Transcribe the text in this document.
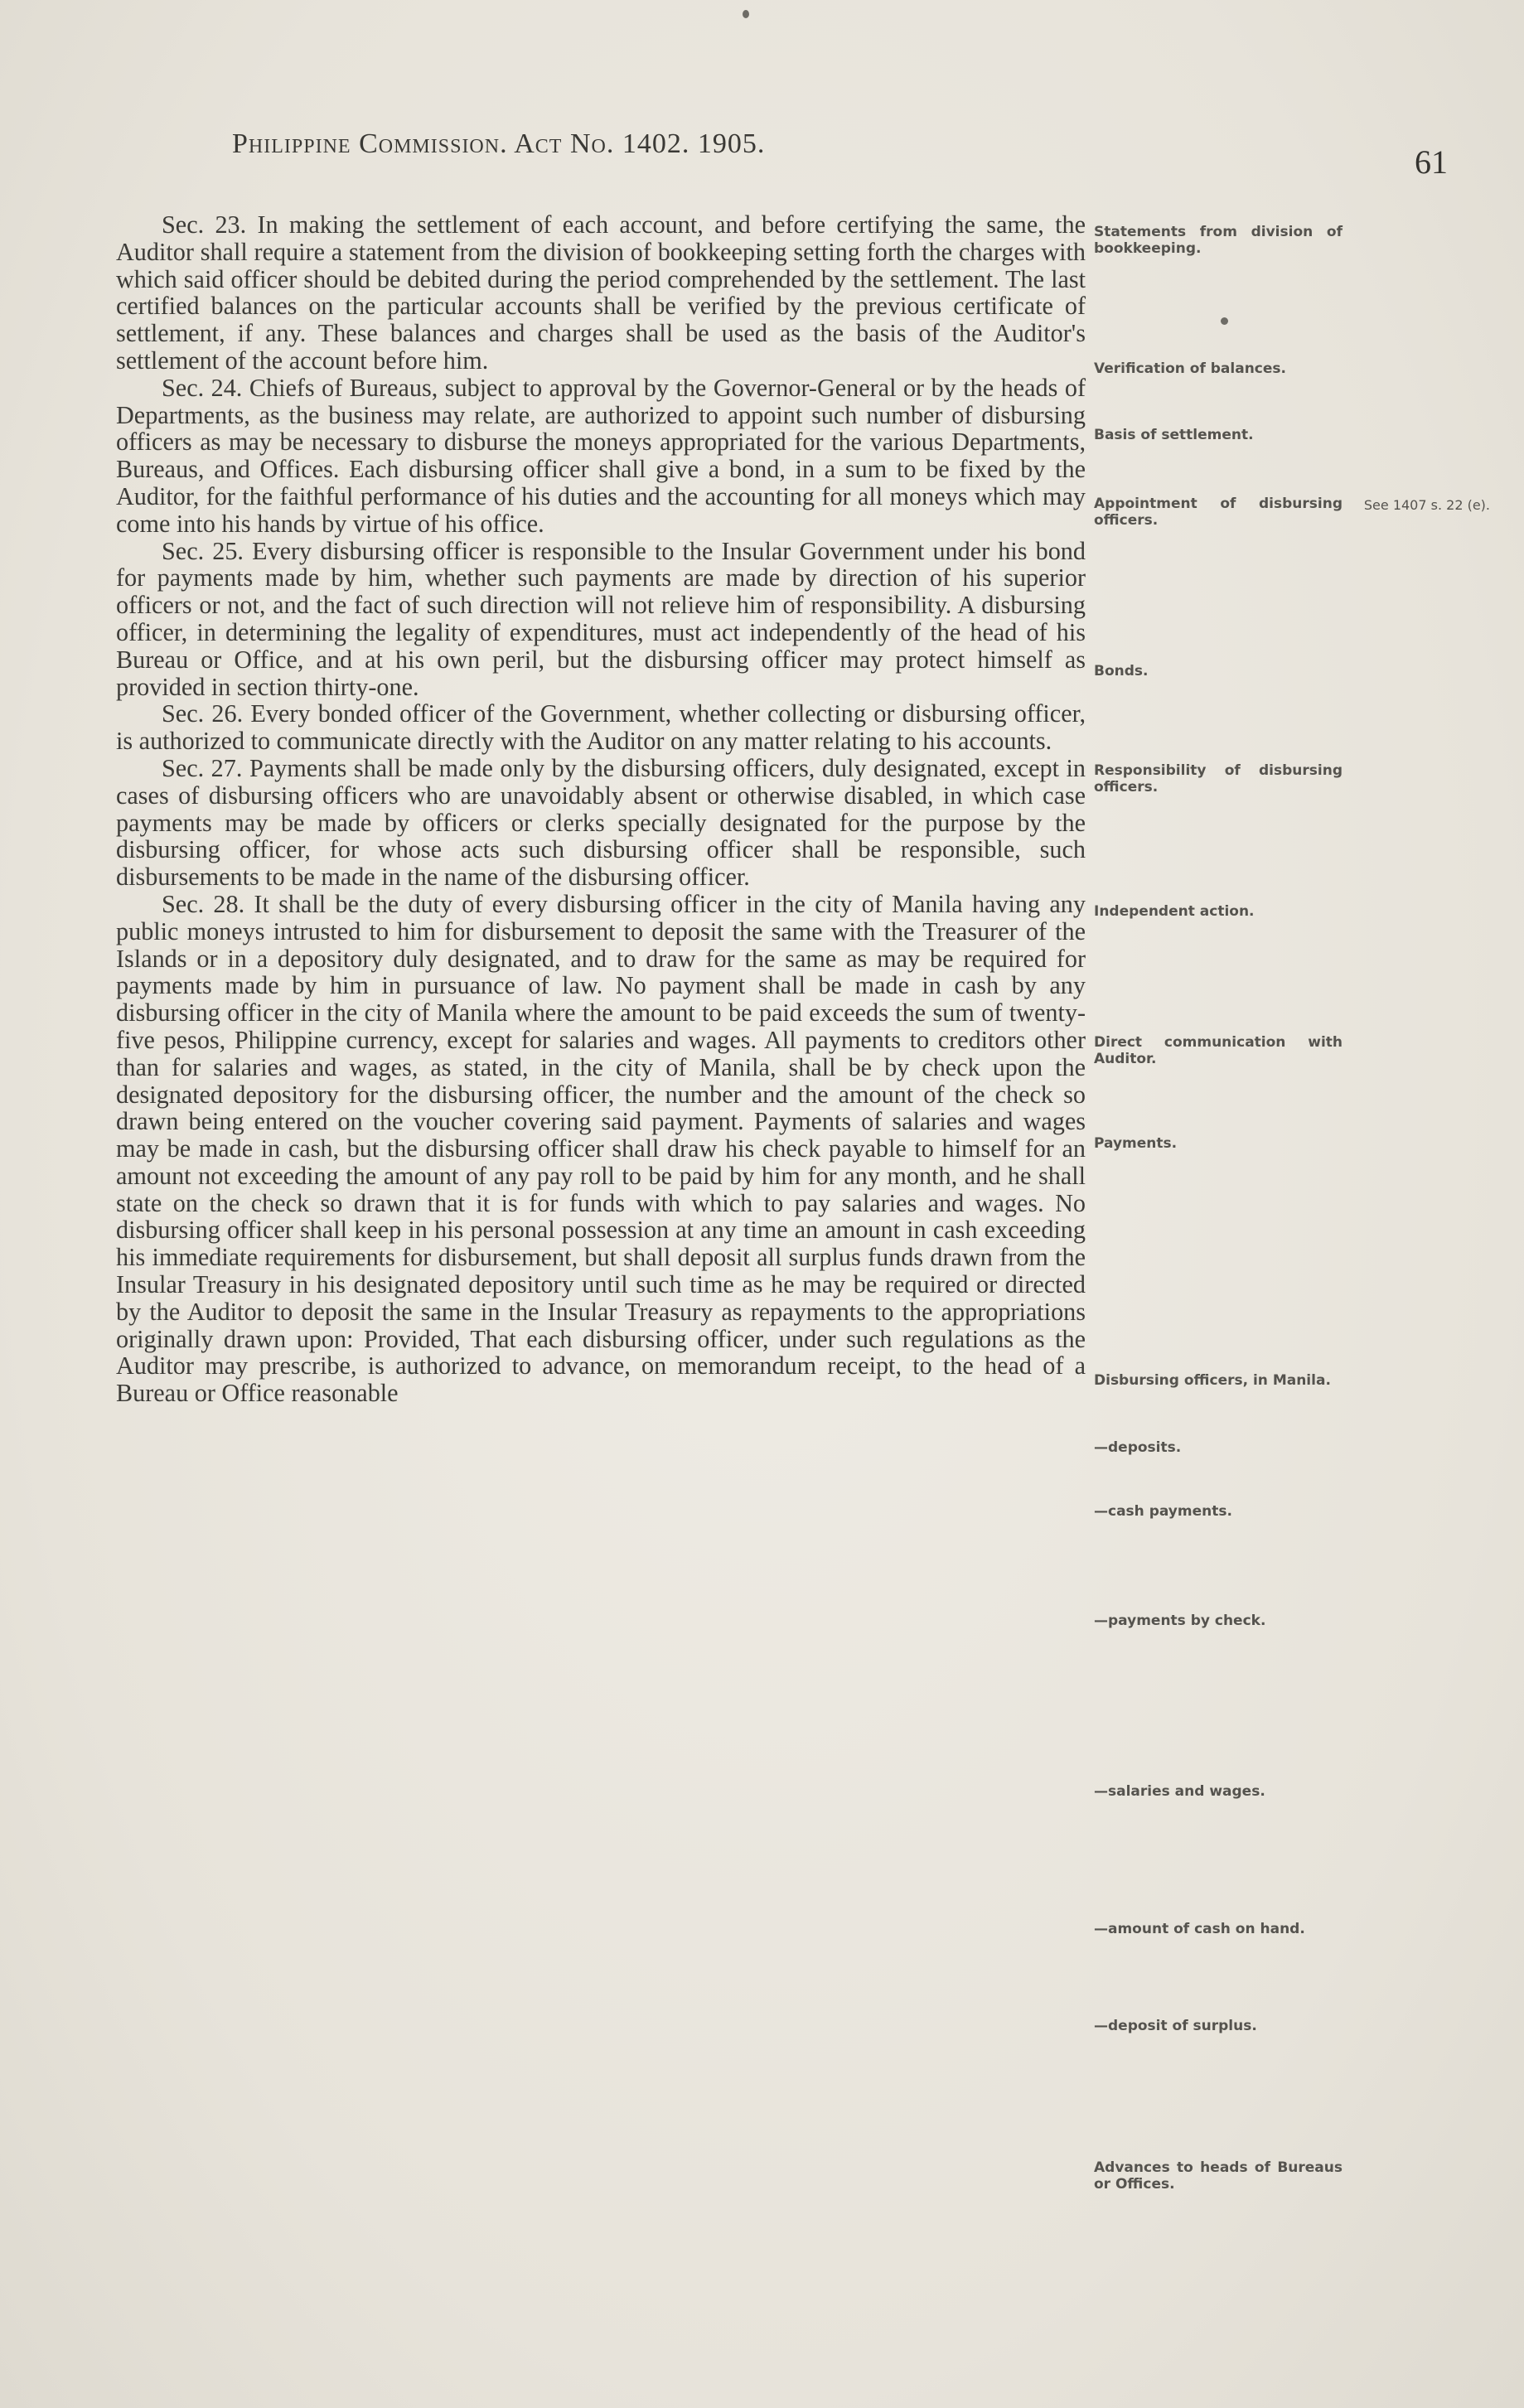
Philippine Commission. Act No. 1402. 1905.	61

Sec. 23. In making the settlement of each account, and before certifying the same, the Auditor shall require a statement from the division of bookkeeping setting forth the charges with which said officer should be debited during the period comprehended by the settlement. The last certified balances on the particular accounts shall be verified by the previous certificate of settlement, if any. These balances and charges shall be used as the basis of the Auditor's settlement of the account before him.

Sec. 24. Chiefs of Bureaus, subject to approval by the Governor-General or by the heads of Departments, as the business may relate, are authorized to appoint such number of disbursing officers as may be necessary to disburse the moneys appropriated for the various Departments, Bureaus, and Offices. Each disbursing officer shall give a bond, in a sum to be fixed by the Auditor, for the faithful performance of his duties and the accounting for all moneys which may come into his hands by virtue of his office.

Sec. 25. Every disbursing officer is responsible to the Insular Government under his bond for payments made by him, whether such payments are made by direction of his superior officers or not, and the fact of such direction will not relieve him of responsibility. A disbursing officer, in determining the legality of expenditures, must act independently of the head of his Bureau or Office, and at his own peril, but the disbursing officer may protect himself as provided in section thirty-one.

Sec. 26. Every bonded officer of the Government, whether collecting or disbursing officer, is authorized to communicate directly with the Auditor on any matter relating to his accounts.

Sec. 27. Payments shall be made only by the disbursing officers, duly designated, except in cases of disbursing officers who are unavoidably absent or otherwise disabled, in which case payments may be made by officers or clerks specially designated for the purpose by the disbursing officer, for whose acts such disbursing officer shall be responsible, such disbursements to be made in the name of the disbursing officer.

Sec. 28. It shall be the duty of every disbursing officer in the city of Manila having any public moneys intrusted to him for disbursement to deposit the same with the Treasurer of the Islands or in a depository duly designated, and to draw for the same as may be required for payments made by him in pursuance of law. No payment shall be made in cash by any disbursing officer in the city of Manila where the amount to be paid exceeds the sum of twenty-five pesos, Philippine currency, except for salaries and wages. All payments to creditors other than for salaries and wages, as stated, in the city of Manila, shall be by check upon the designated depository for the disbursing officer, the number and the amount of the check so drawn being entered on the voucher covering said payment. Payments of salaries and wages may be made in cash, but the disbursing officer shall draw his check payable to himself for an amount not exceeding the amount of any pay roll to be paid by him for any month, and he shall state on the check so drawn that it is for funds with which to pay salaries and wages. No disbursing officer shall keep in his personal possession at any time an amount in cash exceeding his immediate requirements for disbursement, but shall deposit all surplus funds drawn from the Insular Treasury in his designated depository until such time as he may be required or directed by the Auditor to deposit the same in the Insular Treasury as repayments to the appropriations originally drawn upon: Provided, That each disbursing officer, under such regulations as the Auditor may prescribe, is authorized to advance, on memorandum receipt, to the head of a Bureau or Office reasonable

Statements from division of bookkeeping.
Verification of balances.
Basis of settlement.
Appointment of disbursing officers.
Bonds.
Responsibility of disbursing officers.
Independent action.
Direct communication with Auditor.
Payments.
Disbursing officers, in Manila.
—deposits.
—cash payments.
—payments by check.
—salaries and wages.
—amount of cash on hand.
—deposit of surplus.
Advances to heads of Bureaus or Offices.
See 1407 s. 22 (e).
